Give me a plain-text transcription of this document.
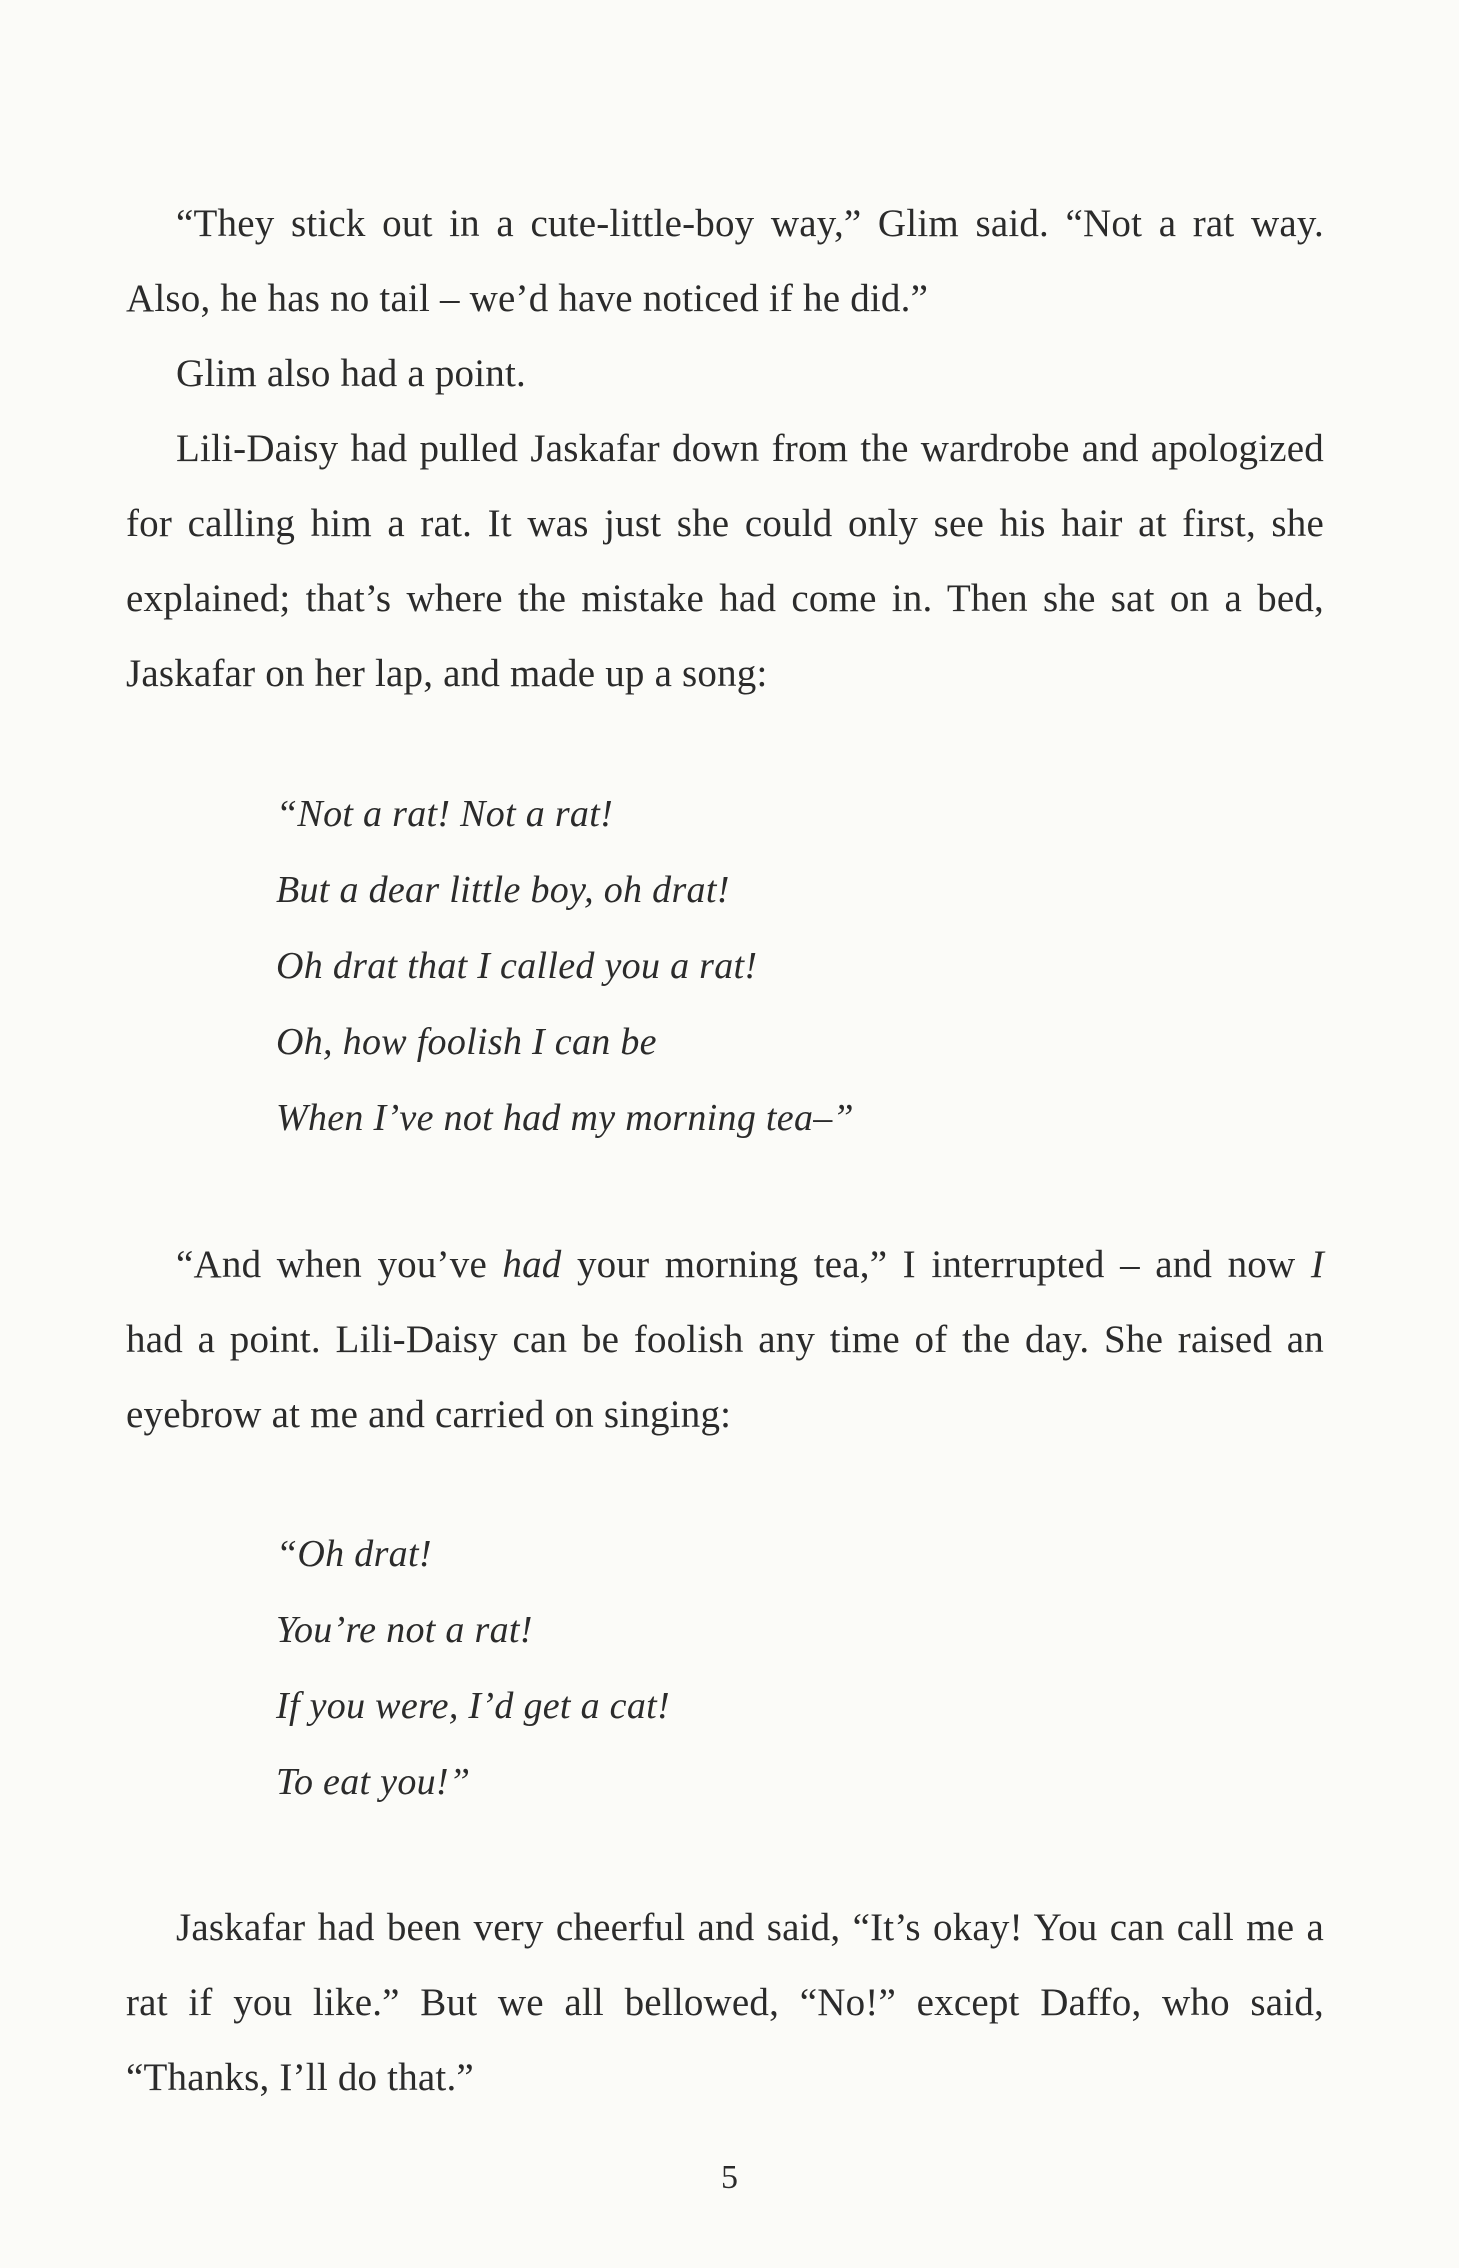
“They stick out in a cute-little-boy way,” Glim said. “Not a rat way. Also, he has no tail – we’d have noticed if he did.”

Glim also had a point.

Lili-Daisy had pulled Jaskafar down from the wardrobe and apologized for calling him a rat. It was just she could only see his hair at first, she explained; that’s where the mistake had come in. Then she sat on a bed, Jaskafar on her lap, and made up a song:

“Not a rat! Not a rat!
But a dear little boy, oh drat!
Oh drat that I called you a rat!
Oh, how foolish I can be
When I’ve not had my morning tea–”

“And when you’ve had your morning tea,” I interrupted – and now I had a point. Lili-Daisy can be foolish any time of the day. She raised an eyebrow at me and carried on singing:

“Oh drat!
You’re not a rat!
If you were, I’d get a cat!
To eat you!”

Jaskafar had been very cheerful and said, “It’s okay! You can call me a rat if you like.” But we all bellowed, “No!” except Daffo, who said, “Thanks, I’ll do that.”

5
